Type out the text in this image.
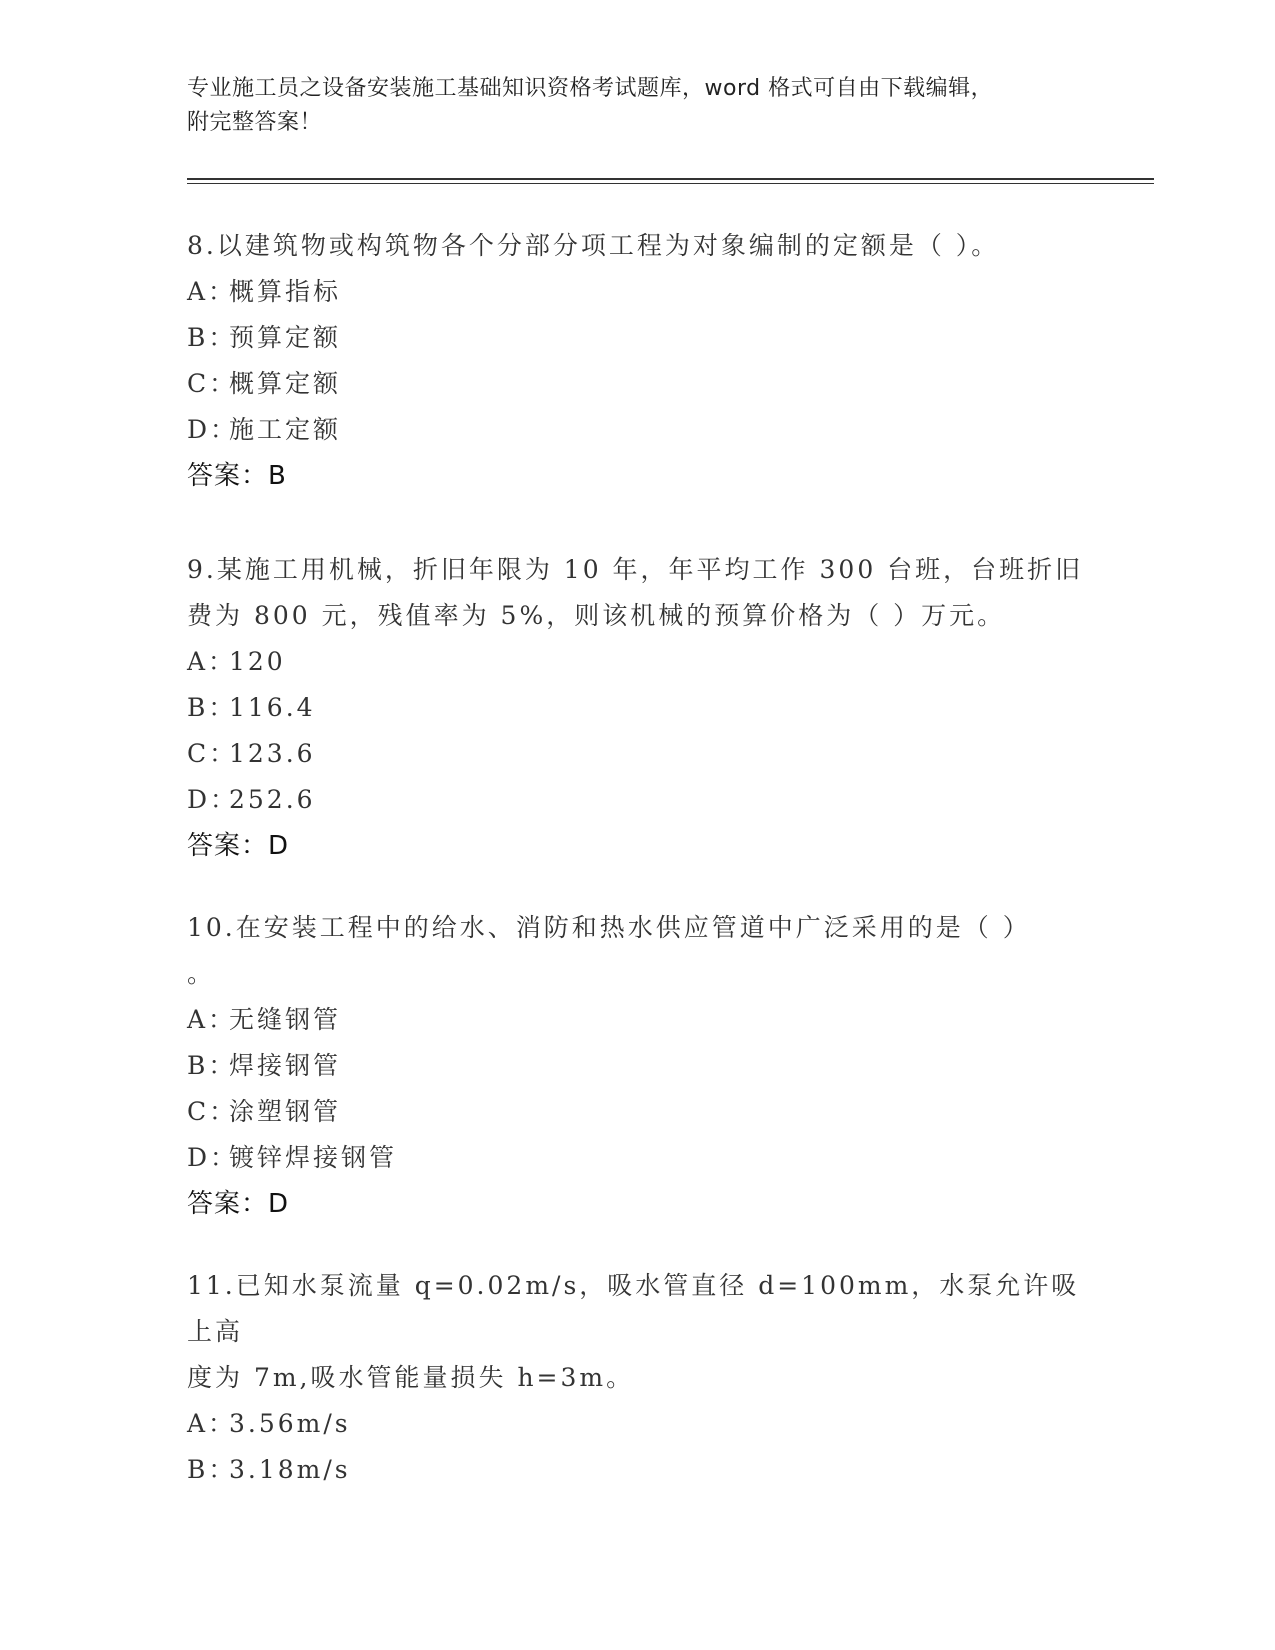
专业施工员之设备安装施工基础知识资格考试题库，word 格式可自由下载编辑，
附完整答案！

8.以建筑物或构筑物各个分部分项工程为对象编制的定额是（ ）。

A：概算指标

B：预算定额

C：概算定额

D：施工定额

答案：B

9.某施工用机械，折旧年限为 10 年，年平均工作 300 台班，台班折旧

费为 800 元，残值率为 5%，则该机械的预算价格为（ ）万元。

A：120

B：116.4

C：123.6

D：252.6

答案：D

10.在安装工程中的给水、消防和热水供应管道中广泛采用的是（ ）

。

A：无缝钢管

B：焊接钢管

C：涂塑钢管

D：镀锌焊接钢管

答案：D

11.已知水泵流量 q=0.02m/s，吸水管直径 d=100mm，水泵允许吸上高

度为 7m,吸水管能量损失 h=3m。

A：3.56m/s

B：3.18m/s
